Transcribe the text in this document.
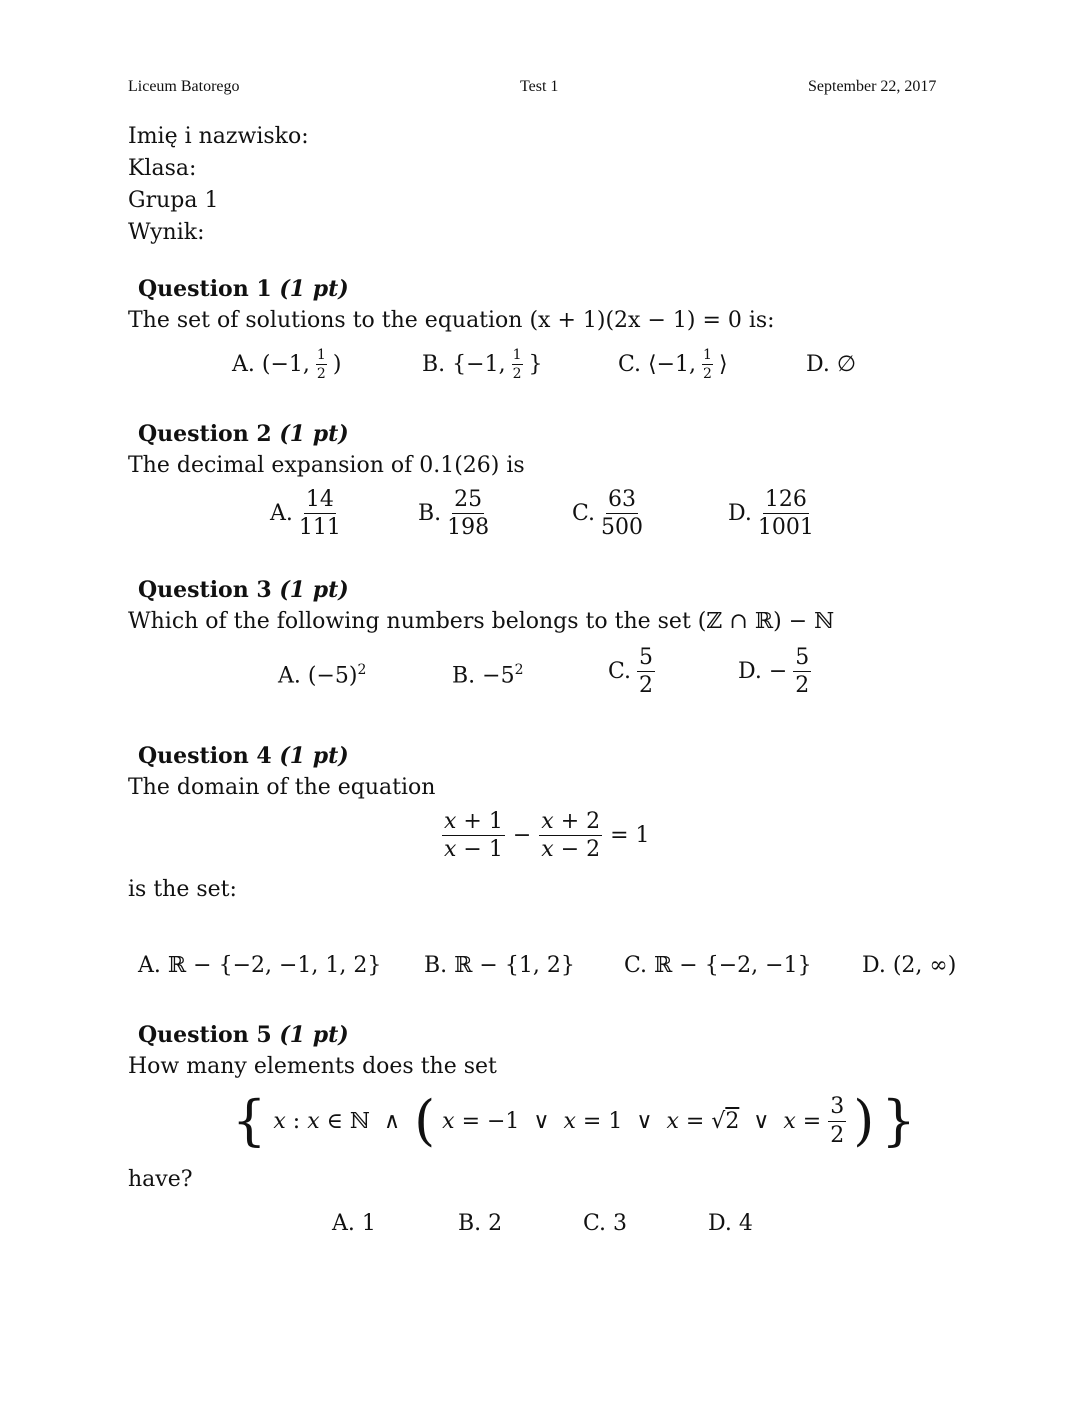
Liceum Batorego	Test 1	September 22, 2017
Imię i nazwisko:
Klasa:
Grupa 1
Wynik:
Question 1 (1 pt)
The set of solutions to the equation (x + 1)(2x − 1) = 0 is:
A. (−1, $\frac{1}{2}$ )	B. {−1, $\frac{1}{2}$ }	C. ⟨−1, $\frac{1}{2}$ ⟩	D. ∅
Question 2 (1 pt)
The decimal expansion of 0.1(26) is
A. $\frac{14}{111}$	B. $\frac{25}{198}$	C. $\frac{63}{500}$	D. $\frac{126}{1001}$
Question 3 (1 pt)
Which of the following numbers belongs to the set (ℤ ∩ ℝ) − ℕ
A. $(-5)^2$	B. $-5^2$	C. $\frac{5}{2}$	D. − $\frac{5}{2}$
Question 4 (1 pt)
The domain of the equation
$\frac{x + 1}{x - 1} - \frac{x + 2}{x - 2} = 1$
is the set:
A. ℝ − {−2, −1, 1, 2} B. ℝ − {1, 2} C. ℝ − {−2, −1} D. (2, ∞)
Question 5 (1 pt)
How many elements does the set
{ x : x ∈ ℕ  ∧ ( x = −1  ∨  x = 1  ∨  x = √2  ∨  $x = \frac{3}{2}$ ) }
have?
A. 1	B. 2	C. 3	D. 4
